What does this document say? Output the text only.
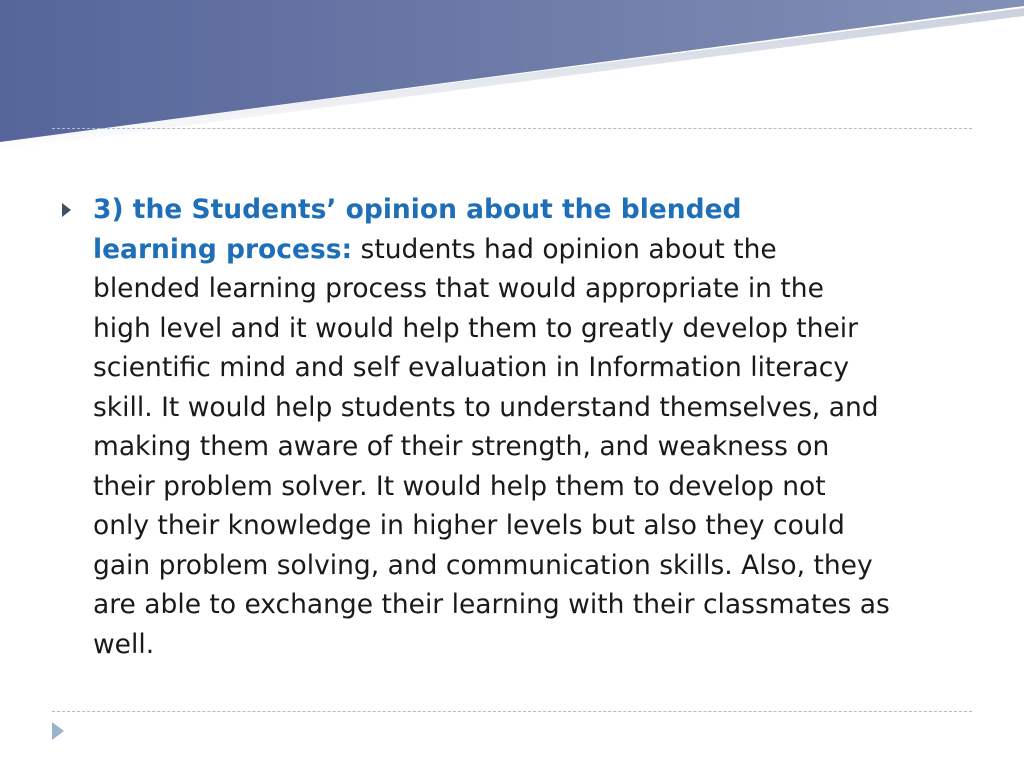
3) the Students’ opinion about the blended
learning process: students had opinion about the
blended learning process that would appropriate in the
high level and it would help them to greatly develop their
scientific mind and self evaluation in Information literacy
skill. It would help students to understand themselves, and
making them aware of their strength, and weakness on
their problem solver. It would help them to develop not
only their knowledge in higher levels but also they could
gain problem solving, and communication skills. Also, they
are able to exchange their learning with their classmates as
well.
